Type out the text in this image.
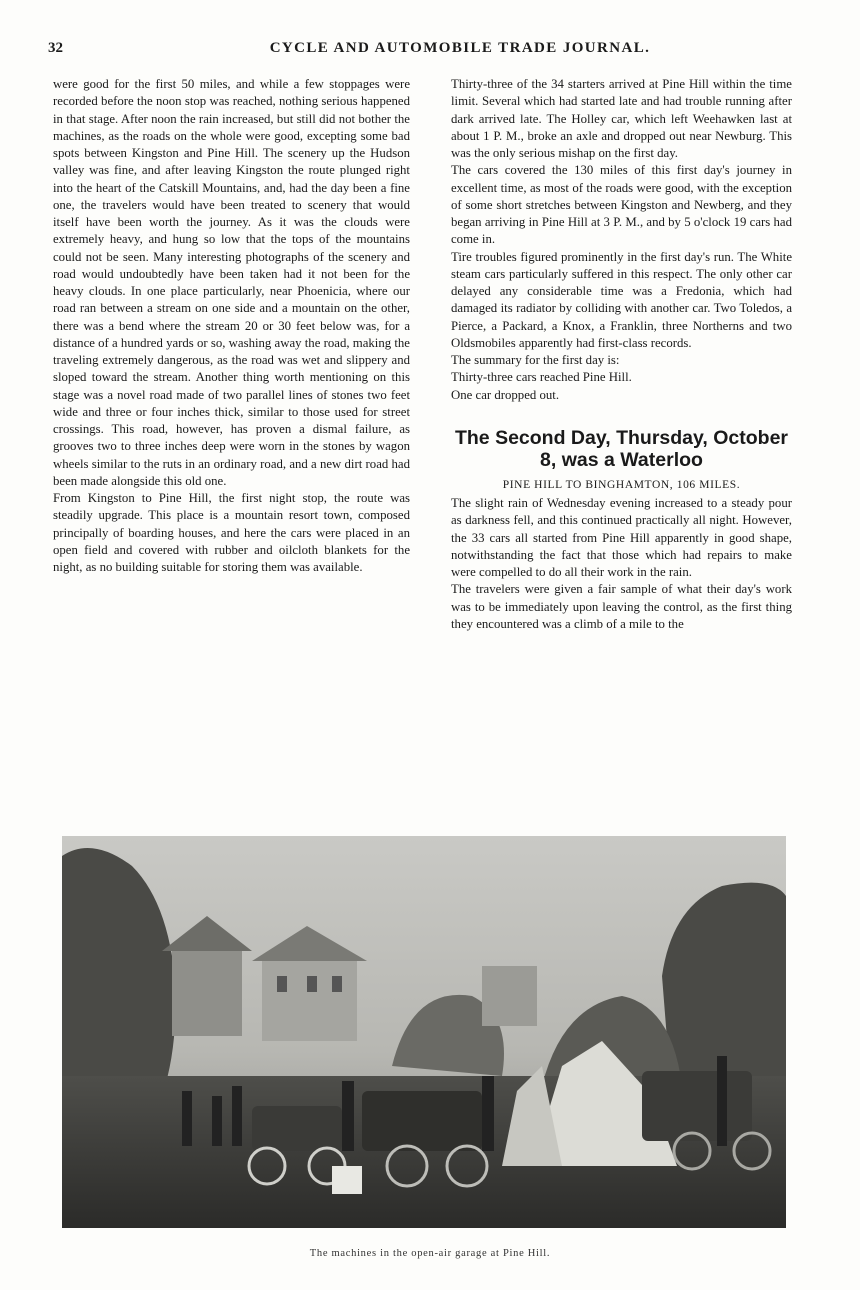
32	CYCLE AND AUTOMOBILE TRADE JOURNAL.

were good for the first 50 miles, and while a few stoppages were recorded before the noon stop was reached, nothing serious happened in that stage. After noon the rain increased, but still did not bother the machines, as the roads on the whole were good, excepting some bad spots between Kingston and Pine Hill. The scenery up the Hudson valley was fine, and after leaving Kingston the route plunged right into the heart of the Catskill Mountains, and, had the day been a fine one, the travelers would have been treated to scenery that would itself have been worth the journey. As it was the clouds were extremely heavy, and hung so low that the tops of the mountains could not be seen. Many interesting photographs of the scenery and road would undoubtedly have been taken had it not been for the heavy clouds. In one place particularly, near Phoenicia, where our road ran between a stream on one side and a mountain on the other, there was a bend where the stream 20 or 30 feet below was, for a distance of a hundred yards or so, washing away the road, making the traveling extremely dangerous, as the road was wet and slippery and sloped toward the stream. Another thing worth mentioning on this stage was a novel road made of two parallel lines of stones two feet wide and three or four inches thick, similar to those used for street crossings. This road, however, has proven a dismal failure, as grooves two to three inches deep were worn in the stones by wagon wheels similar to the ruts in an ordinary road, and a new dirt road had been made alongside this old one.

From Kingston to Pine Hill, the first night stop, the route was steadily upgrade. This place is a mountain resort town, composed principally of boarding houses, and here the cars were placed in an open field and covered with rubber and oilcloth blankets for the night, as no building suitable for storing them was available.

Thirty-three of the 34 starters arrived at Pine Hill within the time limit. Several which had started late and had trouble running after dark arrived late. The Holley car, which left Weehawken last at about 1 P. M., broke an axle and dropped out near Newburg. This was the only serious mishap on the first day.

The cars covered the 130 miles of this first day's journey in excellent time, as most of the roads were good, with the exception of some short stretches between Kingston and Newberg, and they began arriving in Pine Hill at 3 P. M., and by 5 o'clock 19 cars had come in.

Tire troubles figured prominently in the first day's run. The White steam cars particularly suffered in this respect. The only other car delayed any considerable time was a Fredonia, which had damaged its radiator by colliding with another car. Two Toledos, a Pierce, a Packard, a Knox, a Franklin, three Northerns and two Oldsmobiles apparently had first-class records.

The summary for the first day is:

Thirty-three cars reached Pine Hill.

One car dropped out.

The Second Day, Thursday, October 8, was a Waterloo
PINE HILL TO BINGHAMTON, 106 MILES.

The slight rain of Wednesday evening increased to a steady pour as darkness fell, and this continued practically all night. However, the 33 cars all started from Pine Hill apparently in good shape, notwithstanding the fact that those which had repairs to make were compelled to do all their work in the rain.

The travelers were given a fair sample of what their day's work was to be immediately upon leaving the control, as the first thing they encountered was a climb of a mile to the

The machines in the open-air garage at Pine Hill.
